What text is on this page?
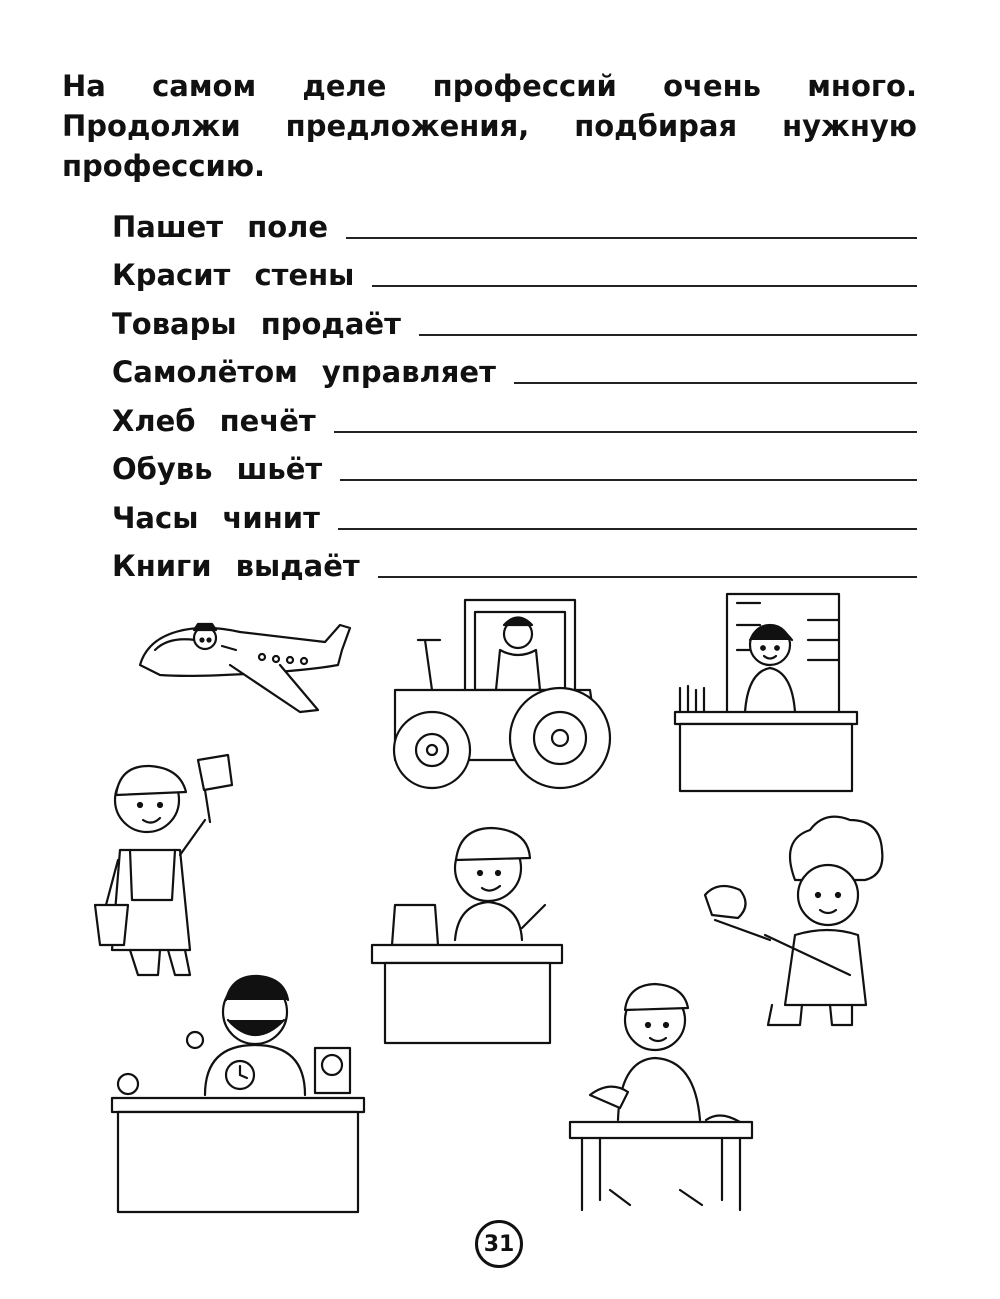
На самом деле профессий очень много. Продолжи предложения, подбирая нужную профессию.

Пашет поле
Красит стены
Товары продаёт
Самолётом управляет
Хлеб печёт
Обувь шьёт
Часы чинит
Книги выдаёт
31
